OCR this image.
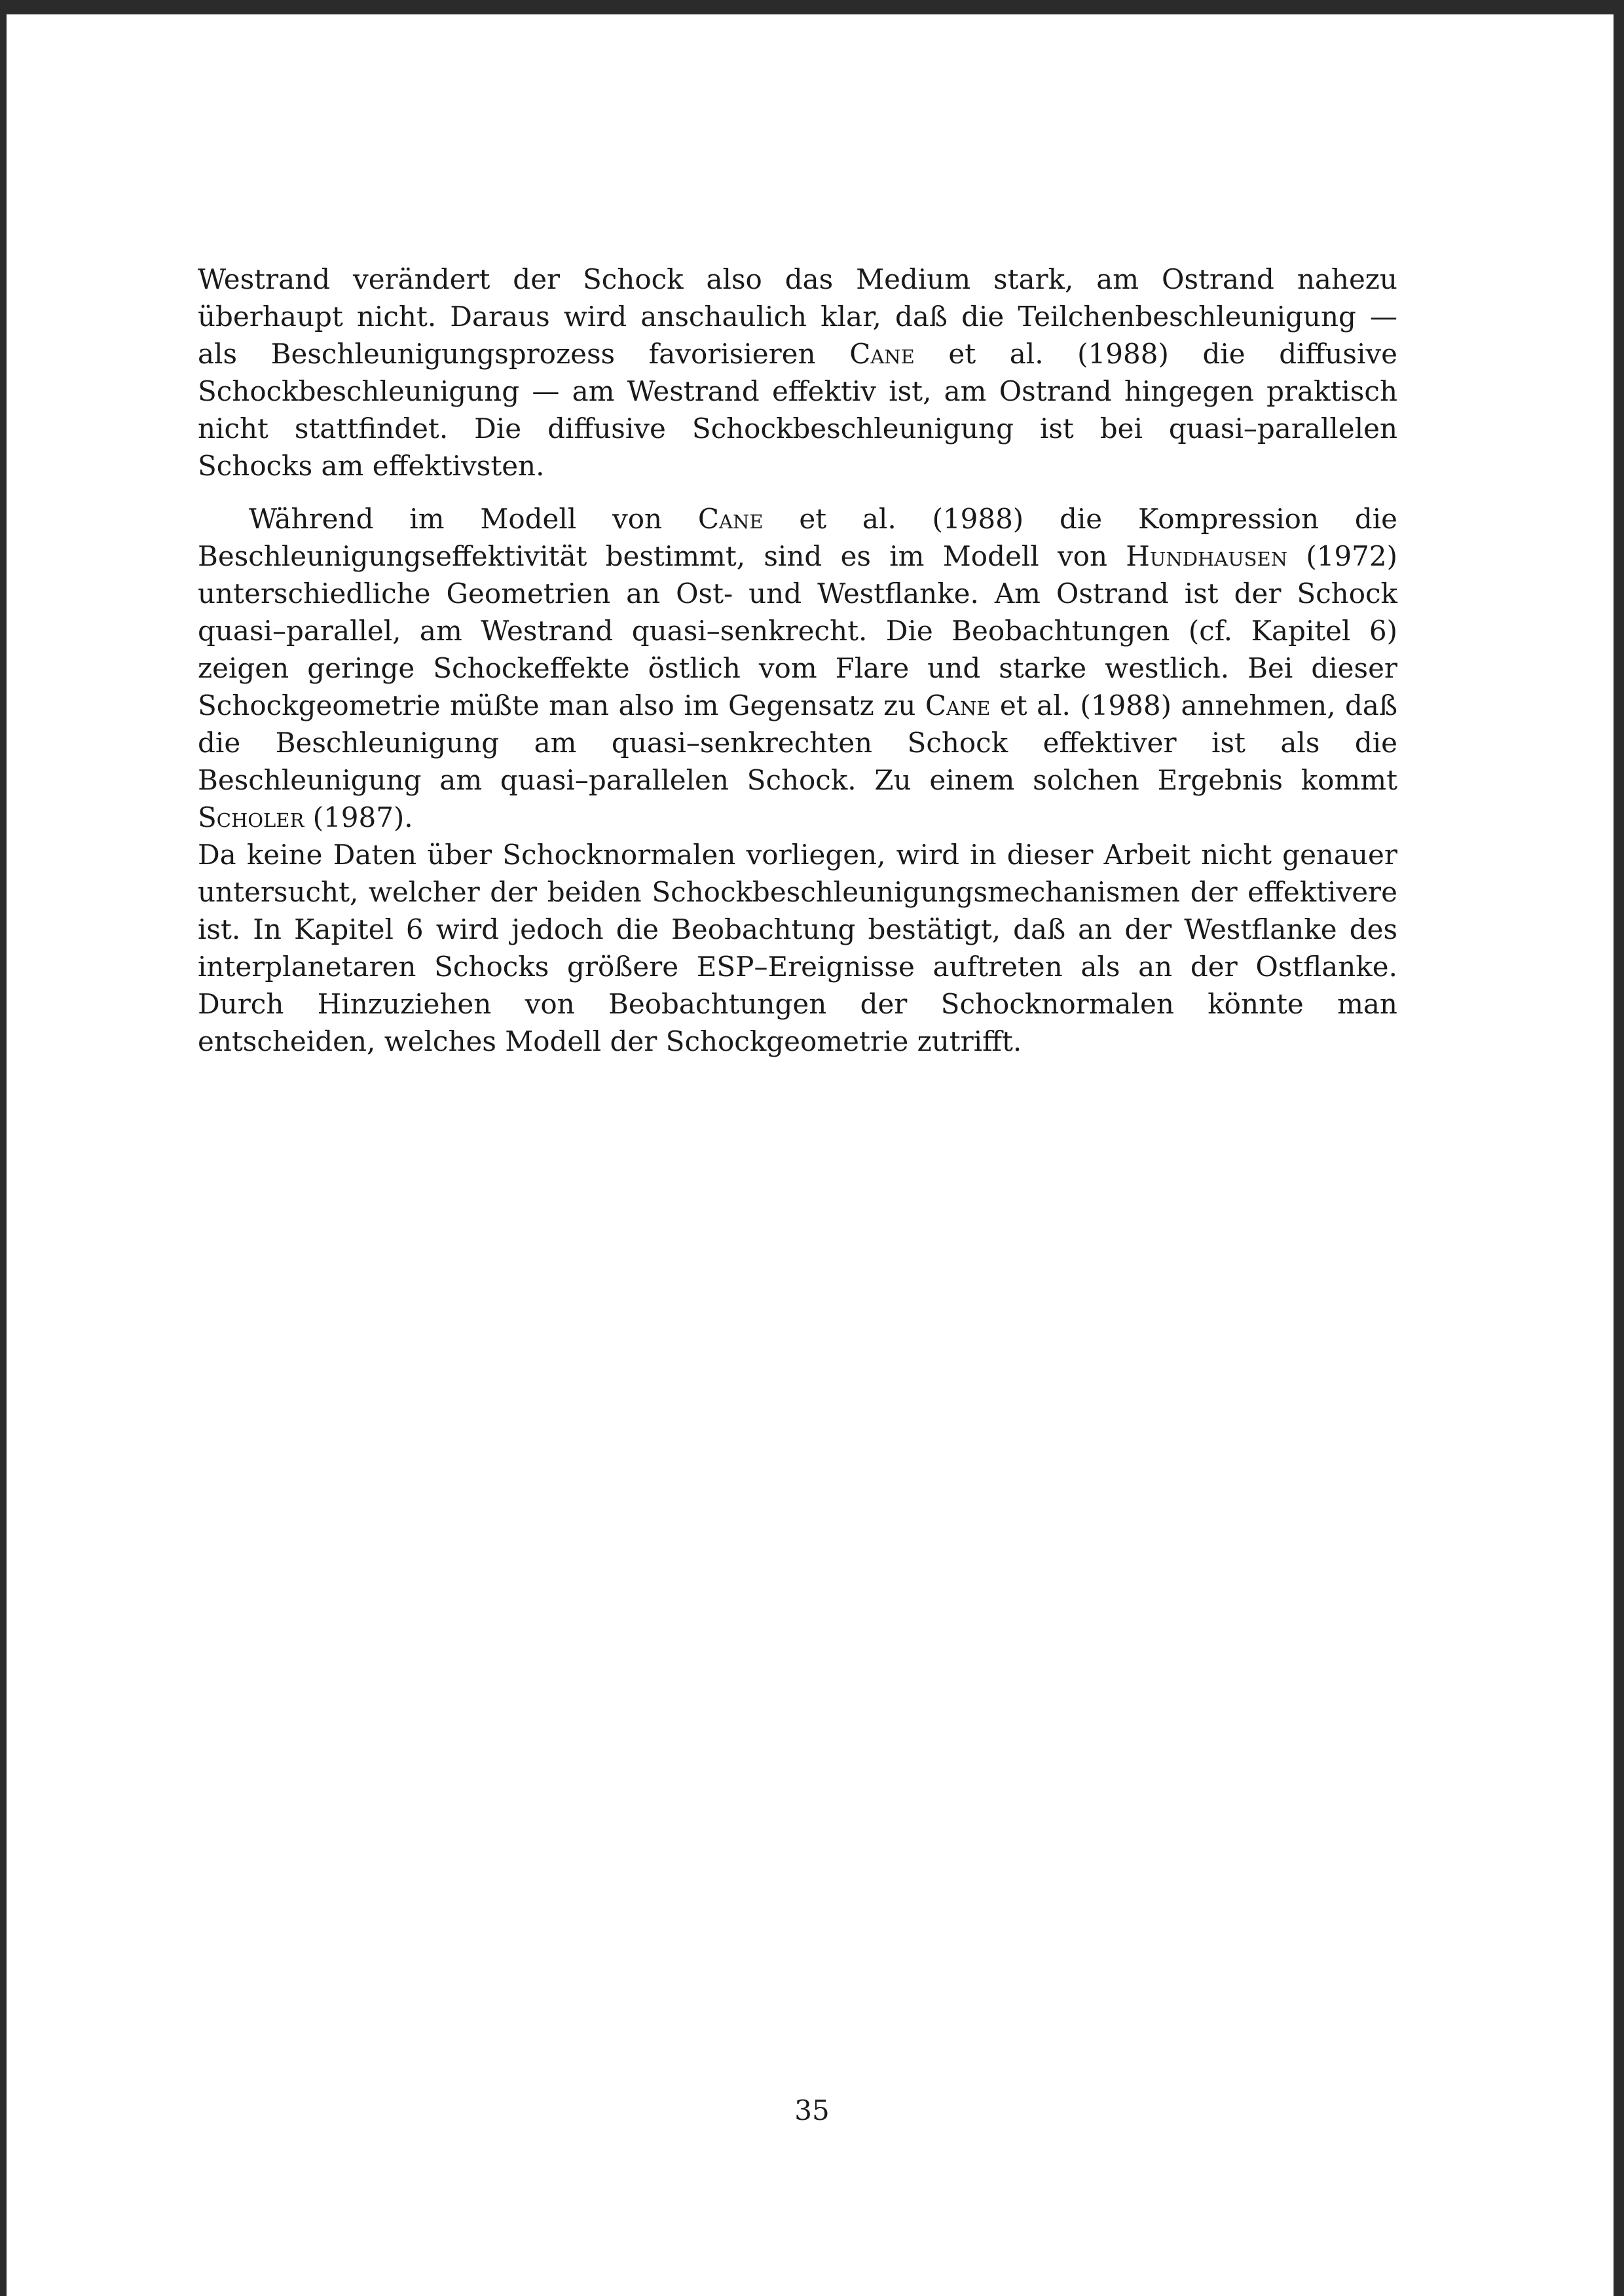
Westrand verändert der Schock also das Medium stark, am Ostrand nahezu überhaupt nicht. Daraus wird anschaulich klar, daß die Teilchenbeschleunigung — als Beschleunigungsprozess favorisieren Cane et al. (1988) die diffusive Schockbeschleunigung — am Westrand effektiv ist, am Ostrand hingegen praktisch nicht stattfindet. Die diffusive Schockbeschleunigung ist bei quasi–parallelen Schocks am effektivsten.

Während im Modell von Cane et al. (1988) die Kompression die Beschleunigungseffektivität bestimmt, sind es im Modell von Hundhausen (1972) unterschiedliche Geometrien an Ost- und Westflanke. Am Ostrand ist der Schock quasi–parallel, am Westrand quasi–senkrecht. Die Beobachtungen (cf. Kapitel 6) zeigen geringe Schockeffekte östlich vom Flare und starke westlich. Bei dieser Schockgeometrie müßte man also im Gegensatz zu Cane et al. (1988) annehmen, daß die Beschleunigung am quasi–senkrechten Schock effektiver ist als die Beschleunigung am quasi–parallelen Schock. Zu einem solchen Ergebnis kommt Scholer (1987).

Da keine Daten über Schocknormalen vorliegen, wird in dieser Arbeit nicht genauer untersucht, welcher der beiden Schockbeschleunigungsmechanismen der effektivere ist. In Kapitel 6 wird jedoch die Beobachtung bestätigt, daß an der Westflanke des interplanetaren Schocks größere ESP–Ereignisse auftreten als an der Ostflanke. Durch Hinzuziehen von Beobachtungen der Schocknormalen könnte man entscheiden, welches Modell der Schockgeometrie zutrifft.

35
